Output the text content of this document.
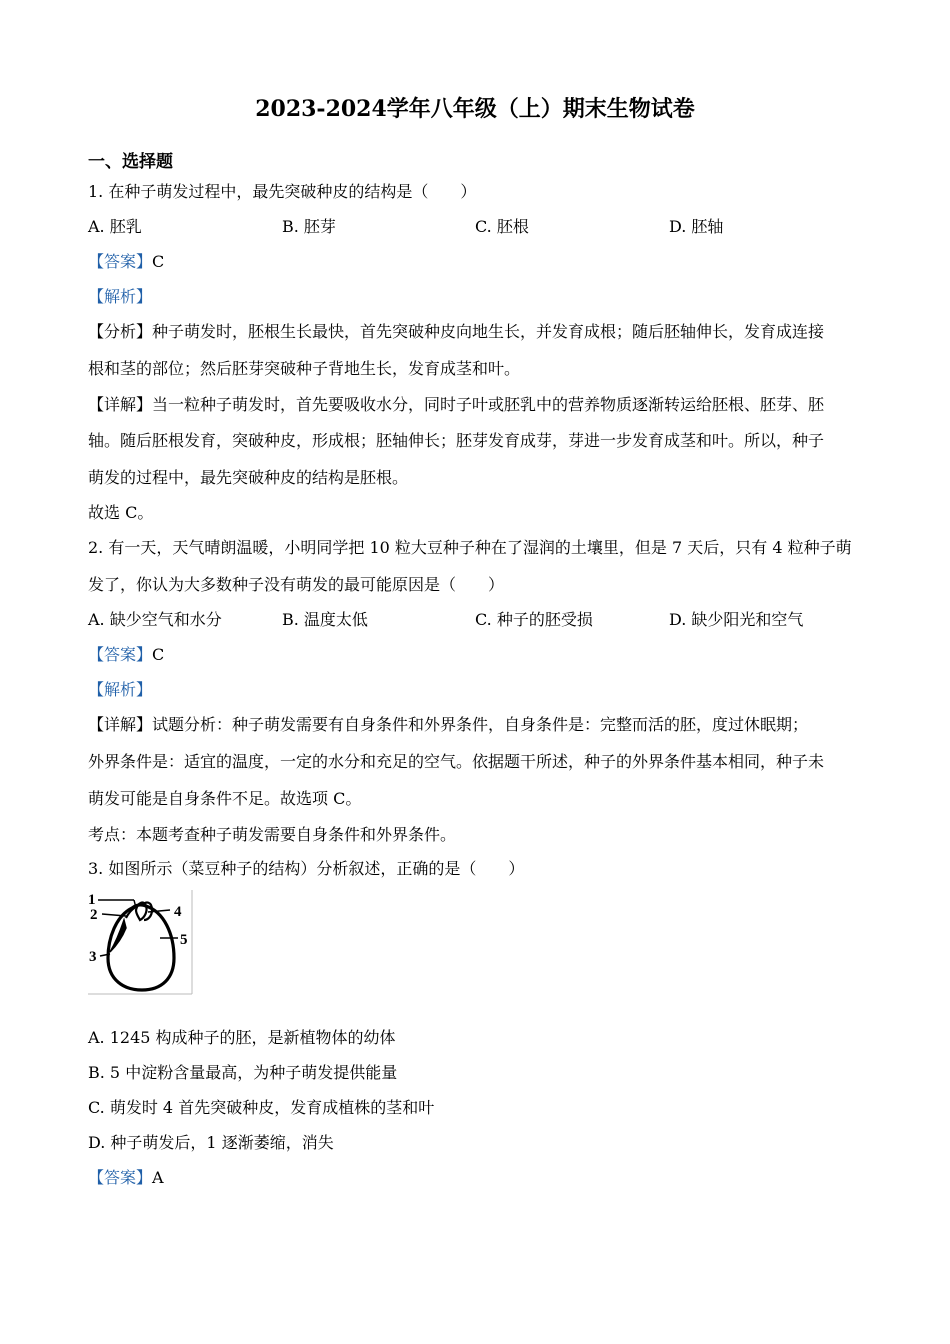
2023-2024学年八年级（上）期末生物试卷
一、选择题
1. 在种子萌发过程中，最先突破种皮的结构是（　　）
A. 胚乳	B. 胚芽	C. 胚根	D. 胚轴
【答案】C
【解析】
【分析】种子萌发时，胚根生长最快，首先突破种皮向地生长，并发育成根；随后胚轴伸长，发育成连接
根和茎的部位；然后胚芽突破种子背地生长，发育成茎和叶。
【详解】当一粒种子萌发时，首先要吸收水分，同时子叶或胚乳中的营养物质逐渐转运给胚根、胚芽、胚
轴。随后胚根发育，突破种皮，形成根；胚轴伸长；胚芽发育成芽，芽进一步发育成茎和叶。所以，种子
萌发的过程中，最先突破种皮的结构是胚根。
故选 C。
2. 有一天，天气晴朗温暖，小明同学把 10 粒大豆种子种在了湿润的土壤里，但是 7 天后，只有 4 粒种子萌
发了，你认为大多数种子没有萌发的最可能原因是（　　）
A. 缺少空气和水分	B. 温度太低	C. 种子的胚受损	D. 缺少阳光和空气
【答案】C
【解析】
【详解】试题分析：种子萌发需要有自身条件和外界条件，自身条件是：完整而活的胚，度过休眠期；
外界条件是：适宜的温度，一定的水分和充足的空气。依据题干所述，种子的外界条件基本相同，种子未
萌发可能是自身条件不足。故选项 C。
考点：本题考查种子萌发需要自身条件和外界条件。
3. 如图所示（菜豆种子的结构）分析叙述，正确的是（　　）
1
2
3
4
5
A. 1245 构成种子的胚，是新植物体的幼体
B. 5 中淀粉含量最高，为种子萌发提供能量
C. 萌发时 4 首先突破种皮，发育成植株的茎和叶
D. 种子萌发后，1 逐渐萎缩，消失
【答案】A
